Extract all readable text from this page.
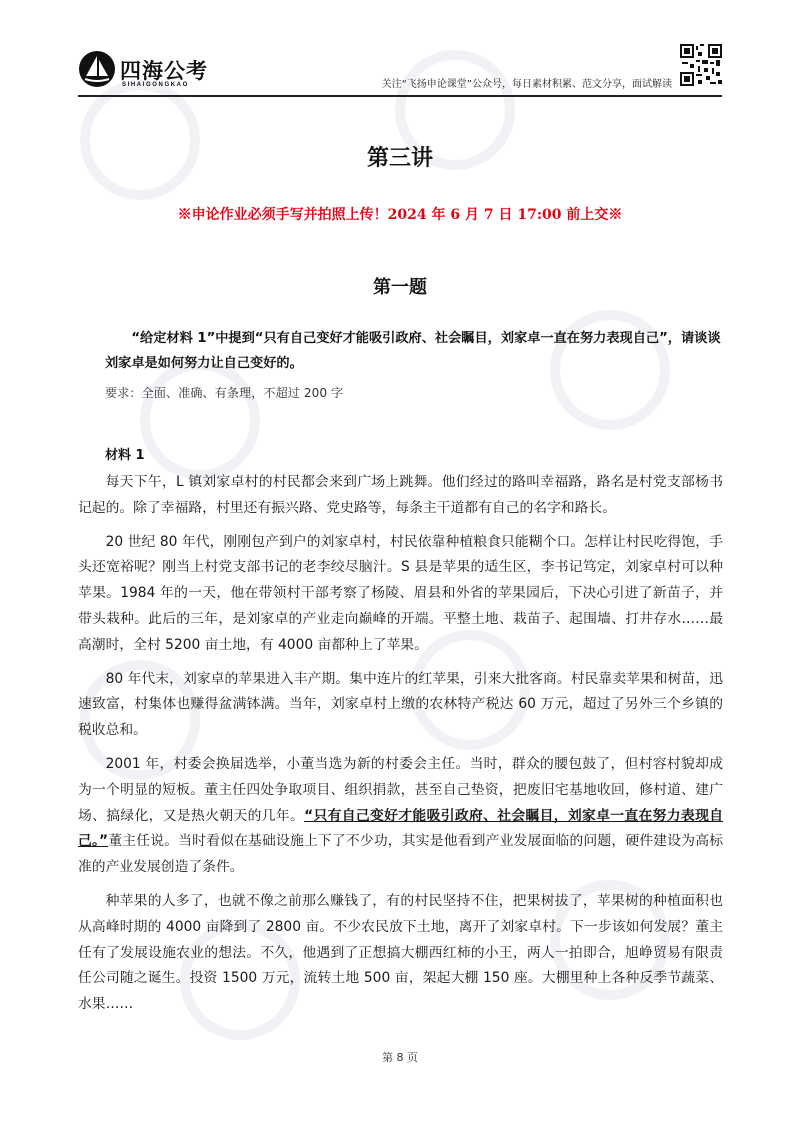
四海公考
SIHAIGONGKAO	关注“飞扬申论课堂”公众号，每日素材积累、范文分享，面试解读
第三讲
※申论作业必须手写并拍照上传！2024 年 6 月 7 日 17:00 前上交※
第一题
“给定材料 1”中提到“只有自己变好才能吸引政府、社会瞩目，刘家卓一直在努力表现自己”，请谈谈刘家卓是如何努力让自己变好的。
要求：全面、准确、有条理，不超过 200 字
材料 1

每天下午，L 镇刘家卓村的村民都会来到广场上跳舞。他们经过的路叫幸福路，路名是村党支部杨书记起的。除了幸福路，村里还有振兴路、党史路等，每条主干道都有自己的名字和路长。

20 世纪 80 年代，刚刚包产到户的刘家卓村，村民依靠种植粮食只能糊个口。怎样让村民吃得饱，手头还宽裕呢？刚当上村党支部书记的老李绞尽脑汁。S 县是苹果的适生区，李书记笃定，刘家卓村可以种苹果。1984 年的一天，他在带领村干部考察了杨陵、眉县和外省的苹果园后，下决心引进了新苗子，并带头栽种。此后的三年，是刘家卓的产业走向巅峰的开端。平整土地、栽苗子、起围墙、打井存水……最高潮时，全村 5200 亩土地，有 4000 亩都种上了苹果。

80 年代末，刘家卓的苹果进入丰产期。集中连片的红苹果，引来大批客商。村民靠卖苹果和树苗，迅速致富，村集体也赚得盆满钵满。当年，刘家卓村上缴的农林特产税达 60 万元，超过了另外三个乡镇的税收总和。

2001 年，村委会换届选举，小董当选为新的村委会主任。当时，群众的腰包鼓了，但村容村貌却成为一个明显的短板。董主任四处争取项目、组织捐款，甚至自己垫资，把废旧宅基地收回，修村道、建广场、搞绿化，又是热火朝天的几年。“只有自己变好才能吸引政府、社会瞩目，刘家卓一直在努力表现自己。”董主任说。当时看似在基础设施上下了不少功，其实是他看到产业发展面临的问题，硬件建设为高标准的产业发展创造了条件。

种苹果的人多了，也就不像之前那么赚钱了，有的村民坚持不住，把果树拔了，苹果树的种植面积也从高峰时期的 4000 亩降到了 2800 亩。不少农民放下土地，离开了刘家卓村。下一步该如何发展？董主任有了发展设施农业的想法。不久，他遇到了正想搞大棚西红柿的小王，两人一拍即合，旭峥贸易有限责任公司随之诞生。投资 1500 万元，流转土地 500 亩，架起大棚 150 座。大棚里种上各种反季节蔬菜、水果……

第 8 页
